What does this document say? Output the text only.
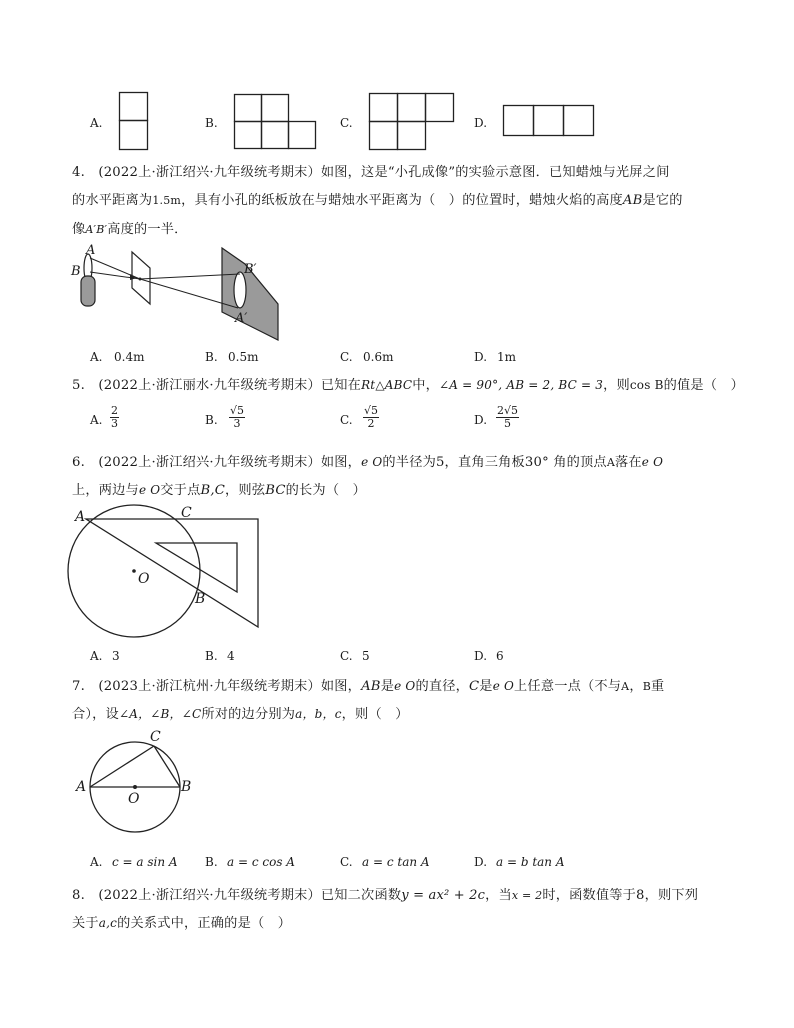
A.	B.	C.	D.
4.　(2022上·浙江绍兴·九年级统考期末）如图，这是“小孔成像”的实验示意图．已知蜡烛与光屏之间
的水平距离为1.5m，具有小孔的纸板放在与蜡烛水平距离为（　）的位置时，蜡烛火焰的高度AB是它的
像A′B′高度的一半．
A
B	B′
A′
A. 0.4m	B. 0.5m	C. 0.6m	D. 1m
5.　(2022上·浙江丽水·九年级统考期末）已知在Rt△ABC中，∠A = 90°, AB = 2, BC = 3，则cos B的值是（　）
A. $\frac{2}{3}$	B. $\frac{√5}{3}$	C. $\frac{√5}{2}$	D. $\frac{2√5}{5}$
6.　(2022上·浙江绍兴·九年级统考期末）如图，e O的半径为5，直角三角板30° 角的顶点A落在e O
上，两边与e O交于点B,C，则弦BC的长为（　）
A	C
O
B
A. 3	B. 4	C. 5	D. 6
7.　(2023上·浙江杭州·九年级统考期末）如图，AB是e O的直径，C是e O上任意一点（不与A，B重
合），设∠A，∠B，∠C所对的边分别为a，b，c，则（　）
A	B
C
O
A. c = a sin A B. a = c cos A	C. a = c tan A	D. a = b tan A
8.　(2022上·浙江绍兴·九年级统考期末）已知二次函数y = ax² + 2c，当x = 2时，函数值等于8，则下列
关于a,c的关系式中，正确的是（　）
